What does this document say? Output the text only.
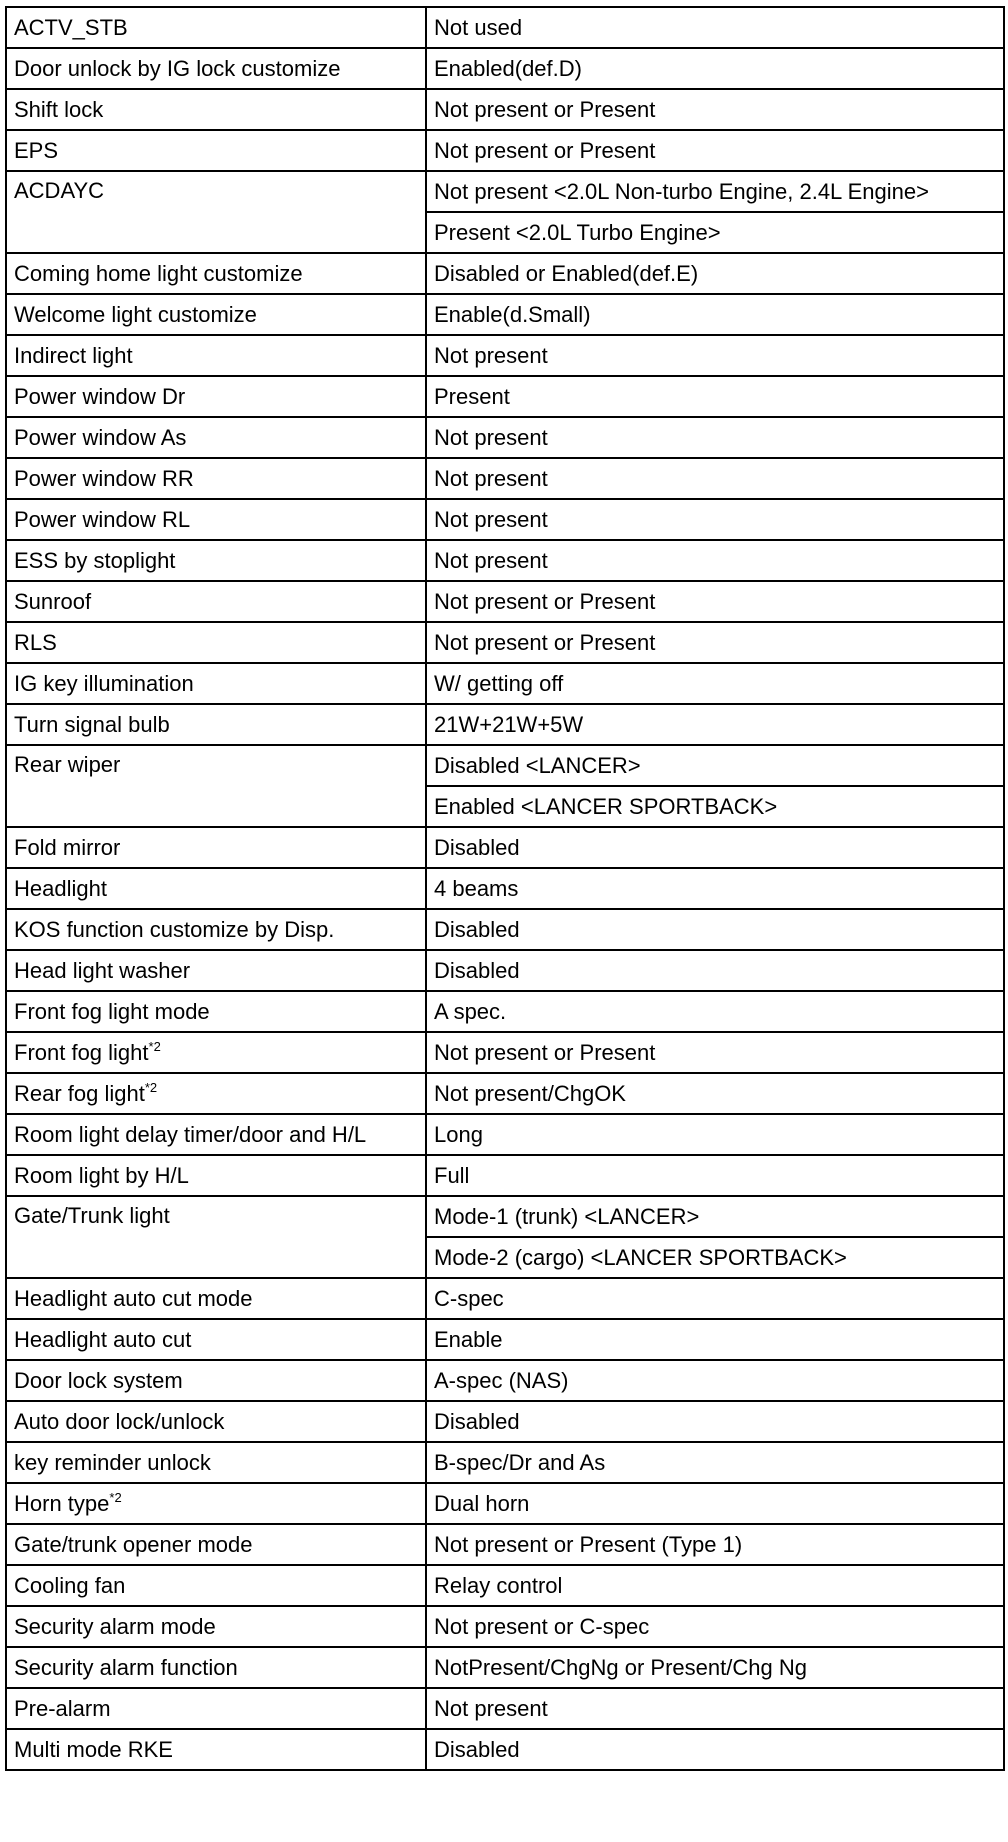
ACTV_STB	Not used
Door unlock by IG lock customize	Enabled(def.D)
Shift lock	Not present or Present
EPS	Not present or Present
ACDAYC	Not present <2.0L Non-turbo Engine, 2.4L Engine>
	Present <2.0L Turbo Engine>
Coming home light customize	Disabled or Enabled(def.E)
Welcome light customize	Enable(d.Small)
Indirect light	Not present
Power window Dr	Present
Power window As	Not present
Power window RR	Not present
Power window RL	Not present
ESS by stoplight	Not present
Sunroof	Not present or Present
RLS	Not present or Present
IG key illumination	W/ getting off
Turn signal bulb	21W+21W+5W
Rear wiper	Disabled <LANCER>
	Enabled <LANCER SPORTBACK>
Fold mirror	Disabled
Headlight	4 beams
KOS function customize by Disp.	Disabled
Head light washer	Disabled
Front fog light mode	A spec.
Front fog light$^{*2}$	Not present or Present
Rear fog light$^{*2}$	Not present/ChgOK
Room light delay timer/door and H/L	Long
Room light by H/L	Full
Gate/Trunk light	Mode-1 (trunk) <LANCER>
	Mode-2 (cargo) <LANCER SPORTBACK>
Headlight auto cut mode	C-spec
Headlight auto cut	Enable
Door lock system	A-spec (NAS)
Auto door lock/unlock	Disabled
key reminder unlock	B-spec/Dr and As
Horn type$^{*2}$	Dual horn
Gate/trunk opener mode	Not present or Present (Type 1)
Cooling fan	Relay control
Security alarm mode	Not present or C-spec
Security alarm function	NotPresent/ChgNg or Present/Chg Ng
Pre-alarm	Not present
Multi mode RKE	Disabled
